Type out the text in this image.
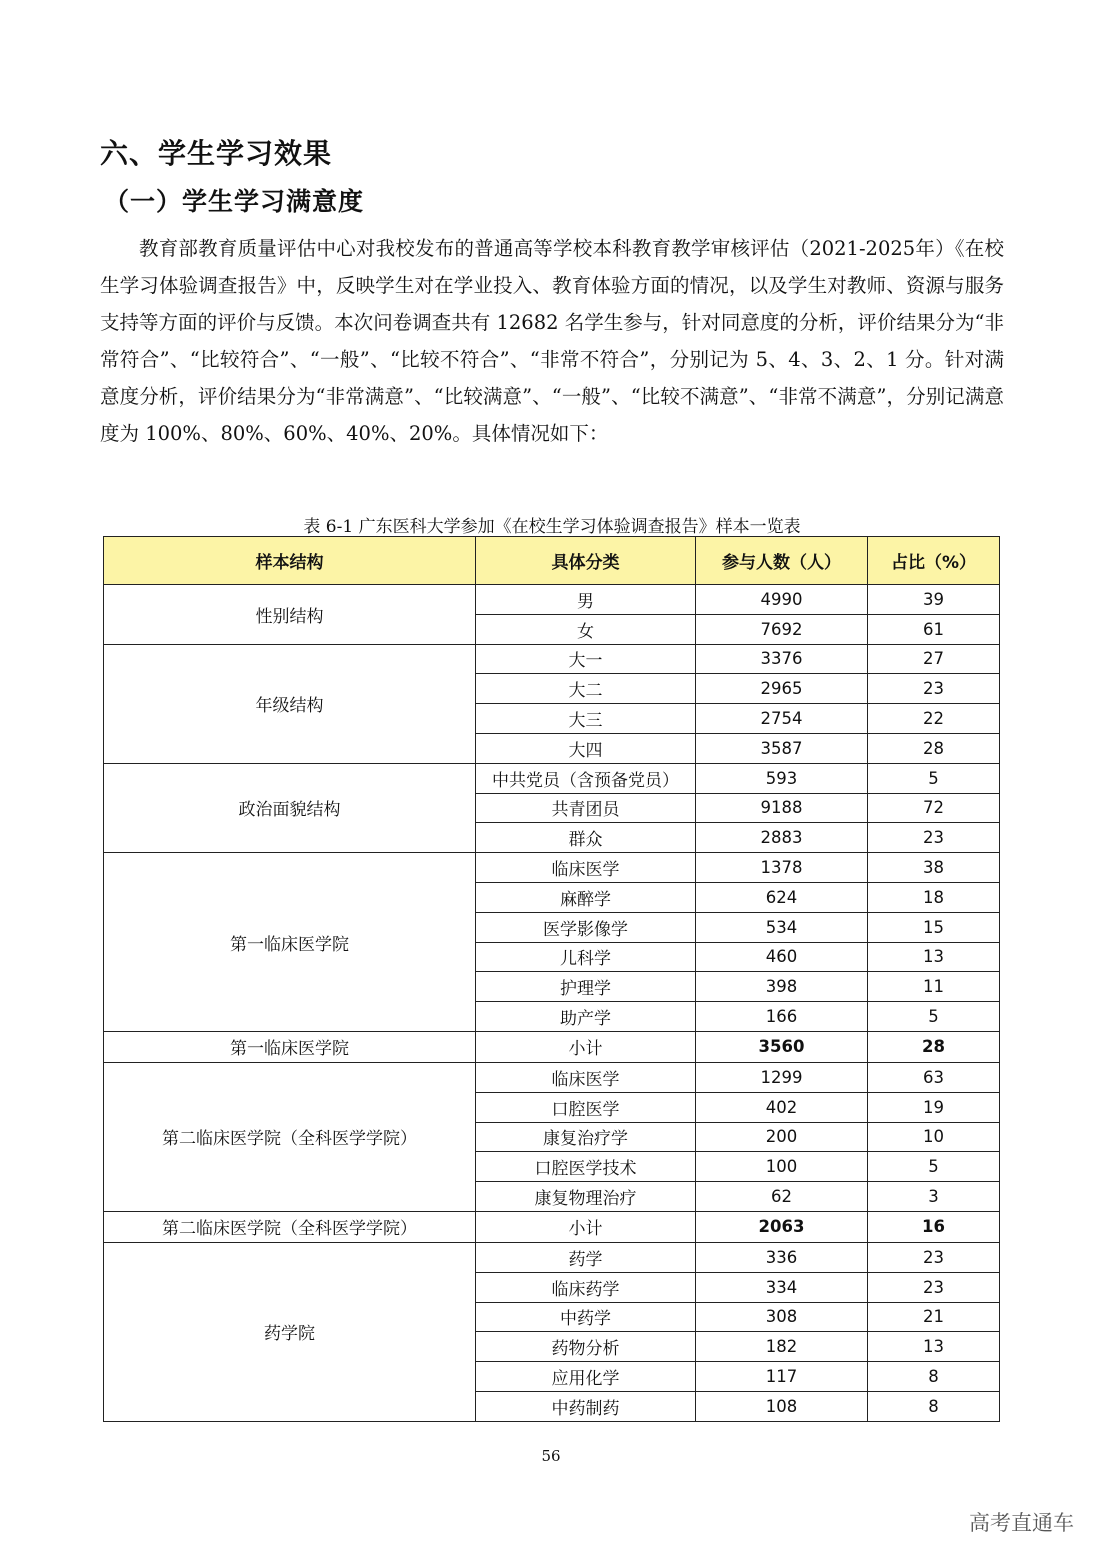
六、学生学习效果
（一）学生学习满意度

教育部教育质量评估中心对我校发布的普通高等学校本科教育教学审核评估（2021-2025年）《在校生学习体验调查报告》中，反映学生对在学业投入、教育体验方面的情况，以及学生对教师、资源与服务支持等方面的评价与反馈。本次问卷调查共有 12682 名学生参与，针对同意度的分析，评价结果分为“非常符合”、“比较符合”、“一般”、“比较不符合”、“非常不符合”，分别记为 5、4、3、2、1 分。针对满意度分析，评价结果分为“非常满意”、“比较满意”、“一般”、“比较不满意”、“非常不满意”，分别记满意度为 100%、80%、60%、40%、20%。具体情况如下：

表 6-1 广东医科大学参加《在校生学习体验调查报告》样本一览表

样本结构	具体分类	参与人数（人）	占比（%）
性别结构	男	4990	39
	女	7692	61
年级结构	大一	3376	27
	大二	2965	23
	大三	2754	22
	大四	3587	28
政治面貌结构	中共党员（含预备党员）	593	5
	共青团员	9188	72
	群众	2883	23
第一临床医学院	临床医学	1378	38
	麻醉学	624	18
	医学影像学	534	15
	儿科学	460	13
	护理学	398	11
	助产学	166	5
第一临床医学院	小计	3560	28
第二临床医学院（全科医学学院）	临床医学	1299	63
	口腔医学	402	19
	康复治疗学	200	10
	口腔医学技术	100	5
	康复物理治疗	62	3
第二临床医学院（全科医学学院）	小计	2063	16
药学院	药学	336	23
	临床药学	334	23
	中药学	308	21
	药物分析	182	13
	应用化学	117	8
	中药制药	108	8
56
高考直通车
